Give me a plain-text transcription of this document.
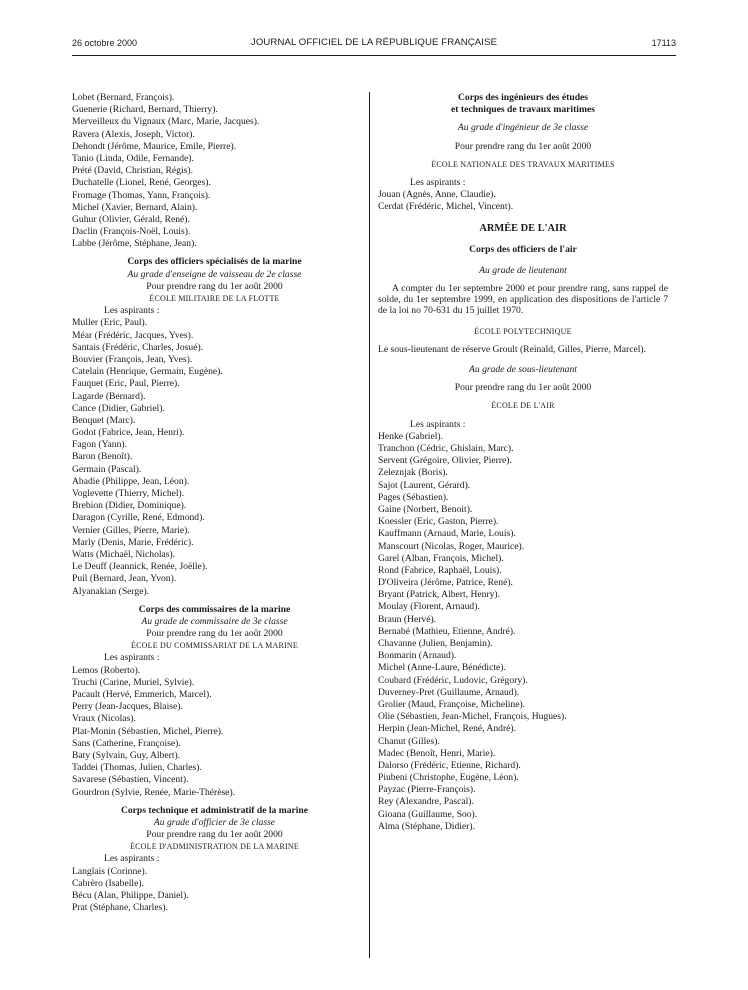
26 octobre 2000	JOURNAL OFFICIEL DE LA RÉPUBLIQUE FRANÇAISE	17113
Lobet (Bernard, François).
Guenerie (Richard, Bernard, Thierry).
Merveilleux du Vignaux (Marc, Marie, Jacques).
Ravera (Alexis, Joseph, Victor).
Dehondt (Jérôme, Maurice, Emile, Pierre).
Tanio (Linda, Odile, Fernande).
Prété (David, Christian, Régis).
Duchatelle (Lionel, René, Georges).
Fromage (Thomas, Yann, François).
Michel (Xavier, Bernard, Alain).
Guhur (Olivier, Gérald, René).
Daclin (François-Noël, Louis).
Labbe (Jérôme, Stéphane, Jean).
Corps des officiers spécialisés de la marine
Au grade d'enseigne de vaisseau de 2e classe
Pour prendre rang du 1er août 2000
ÉCOLE MILITAIRE DE LA FLOTTE
Les aspirants :
Muller (Eric, Paul).
Méar (Frédéric, Jacques, Yves).
Santais (Frédéric, Charles, Josué).
Bouvier (François, Jean, Yves).
Catelain (Henrique, Germain, Eugène).
Fauquet (Eric, Paul, Pierre).
Lagarde (Bernard).
Cance (Didier, Gabriel).
Benquet (Marc).
Godot (Fabrice, Jean, Henri).
Fagon (Yann).
Baron (Benoît).
Germain (Pascal).
Abadie (Philippe, Jean, Léon).
Voglevette (Thierry, Michel).
Brebion (Didier, Dominique).
Daragon (Cyrille, René, Edmond).
Vernier (Gilles, Pierre, Marie).
Marly (Denis, Marie, Frédéric).
Watts (Michaël, Nicholas).
Le Deuff (Jeannick, Renée, Joëlle).
Puil (Bernard, Jean, Yvon).
Alyanakian (Serge).
Corps des commissaires de la marine
Au grade de commissaire de 3e classe
Pour prendre rang du 1er août 2000
ÉCOLE DU COMMISSARIAT DE LA MARINE
Les aspirants :
Lemos (Roberto).
Truchi (Carine, Muriel, Sylvie).
Pacault (Hervé, Emmerich, Marcel).
Perry (Jean-Jacques, Blaise).
Vraux (Nicolas).
Plat-Monin (Sébastien, Michel, Pierre).
Sans (Catherine, Françoise).
Baty (Sylvain, Guy, Albert).
Taddei (Thomas, Julien, Charles).
Savarese (Sébastien, Vincent).
Gourdron (Sylvie, Renée, Marie-Thérèse).
Corps technique et administratif de la marine
Au grade d'officier de 3e classe
Pour prendre rang du 1er août 2000
ÉCOLE D'ADMINISTRATION DE LA MARINE
Les aspirants :
Langlais (Corinne).
Cabrèro (Isabelle).
Bécu (Alan, Philippe, Daniel).
Prat (Stéphane, Charles).
Corps des ingénieurs des études
et techniques de travaux maritimes
Au grade d'ingénieur de 3e classe
Pour prendre rang du 1er août 2000
ÉCOLE NATIONALE DES TRAVAUX MARITIMES
Les aspirants :
Jouan (Agnès, Anne, Claudie).
Cerdat (Frédéric, Michel, Vincent).
ARMÉE DE L'AIR
Corps des officiers de l'air
Au grade de lieutenant
A compter du 1er septembre 2000 et pour prendre rang, sans rappel de solde, du 1er septembre 1999, en application des dispositions de l'article 7 de la loi no 70-631 du 15 juillet 1970.
ÉCOLE POLYTECHNIQUE
Le sous-lieutenant de réserve Groult (Reinald, Gilles, Pierre, Marcel).
Au grade de sous-lieutenant
Pour prendre rang du 1er août 2000
ÉCOLE DE L'AIR
Les aspirants :
Henke (Gabriel).
Tranchon (Cédric, Ghislain, Marc).
Servent (Grégoire, Olivier, Pierre).
Zeleznjak (Boris).
Sajot (Laurent, Gérard).
Pages (Sébastien).
Gaine (Norbert, Benoit).
Koessler (Eric, Gaston, Pierre).
Kauffmann (Arnaud, Marie, Louis).
Manscourt (Nicolas, Roger, Maurice).
Garel (Alban, François, Michel).
Rond (Fabrice, Raphaël, Louis).
D'Oliveira (Jérôme, Patrice, René).
Bryant (Patrick, Albert, Henry).
Moulay (Florent, Arnaud).
Braun (Hervé).
Bernabé (Mathieu, Etienne, André).
Chavanne (Julien, Benjamin).
Bonmarin (Arnaud).
Michel (Anne-Laure, Bénédicte).
Coubard (Frédéric, Ludovic, Grégory).
Duverney-Pret (Guillaume, Arnaud).
Grolier (Maud, Françoise, Micheline).
Olie (Sébastien, Jean-Michel, François, Hugues).
Herpin (Jean-Michel, René, André).
Chanut (Gilles).
Madec (Benoît, Henri, Marie).
Dalorso (Frédéric, Etienne, Richard).
Piubeni (Christophe, Eugène, Léon).
Payzac (Pierre-François).
Rey (Alexandre, Pascal).
Gioana (Guillaume, Soo).
Alma (Stéphane, Didier).
